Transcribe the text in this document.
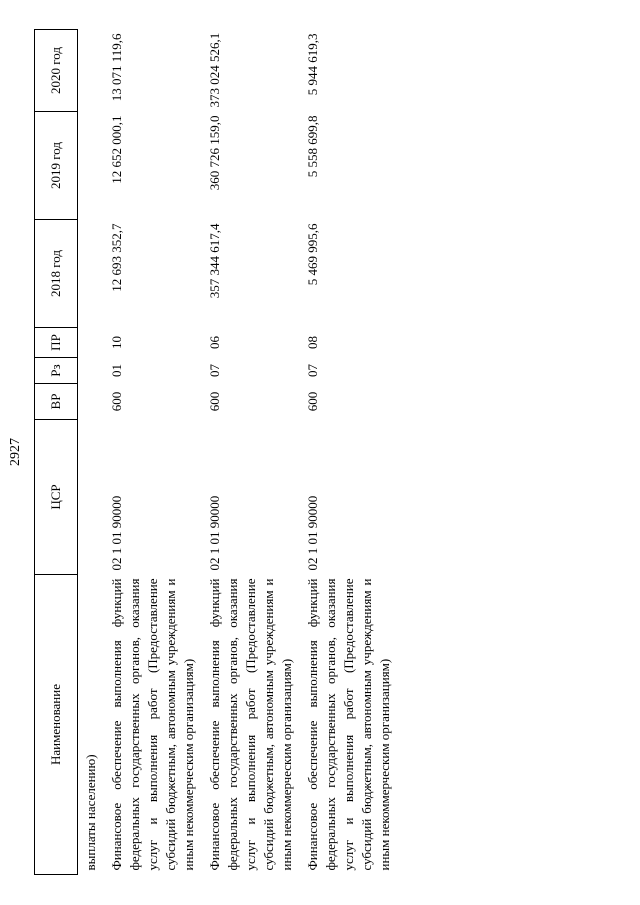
2927
Наименование	ЦСР	ВР	Рз	ПР	2018 год	2019 год	2020 год

выплаты населению)							

Финансовое обеспечение выполнения функций федеральных государственных органов, оказания услуг и выполнения работ (Предоставление субсидий бюджетным, автономным учреждениям и иным некоммерческим организациям)	02 1 01 90000	600	01	10	12 693 352,7	12 652 000,1	13 071 119,6
Финансовое обеспечение выполнения функций федеральных государственных органов, оказания услуг и выполнения работ (Предоставление субсидий бюджетным, автономным учреждениям и иным некоммерческим организациям)	02 1 01 90000	600	07	06	357 344 617,4	360 726 159,0	373 024 526,1
Финансовое обеспечение выполнения функций федеральных государственных органов, оказания услуг и выполнения работ (Предоставление субсидий бюджетным, автономным учреждениям и иным некоммерческим организациям)	02 1 01 90000	600	07	08	5 469 995,6	5 558 699,8	5 944 619,3
